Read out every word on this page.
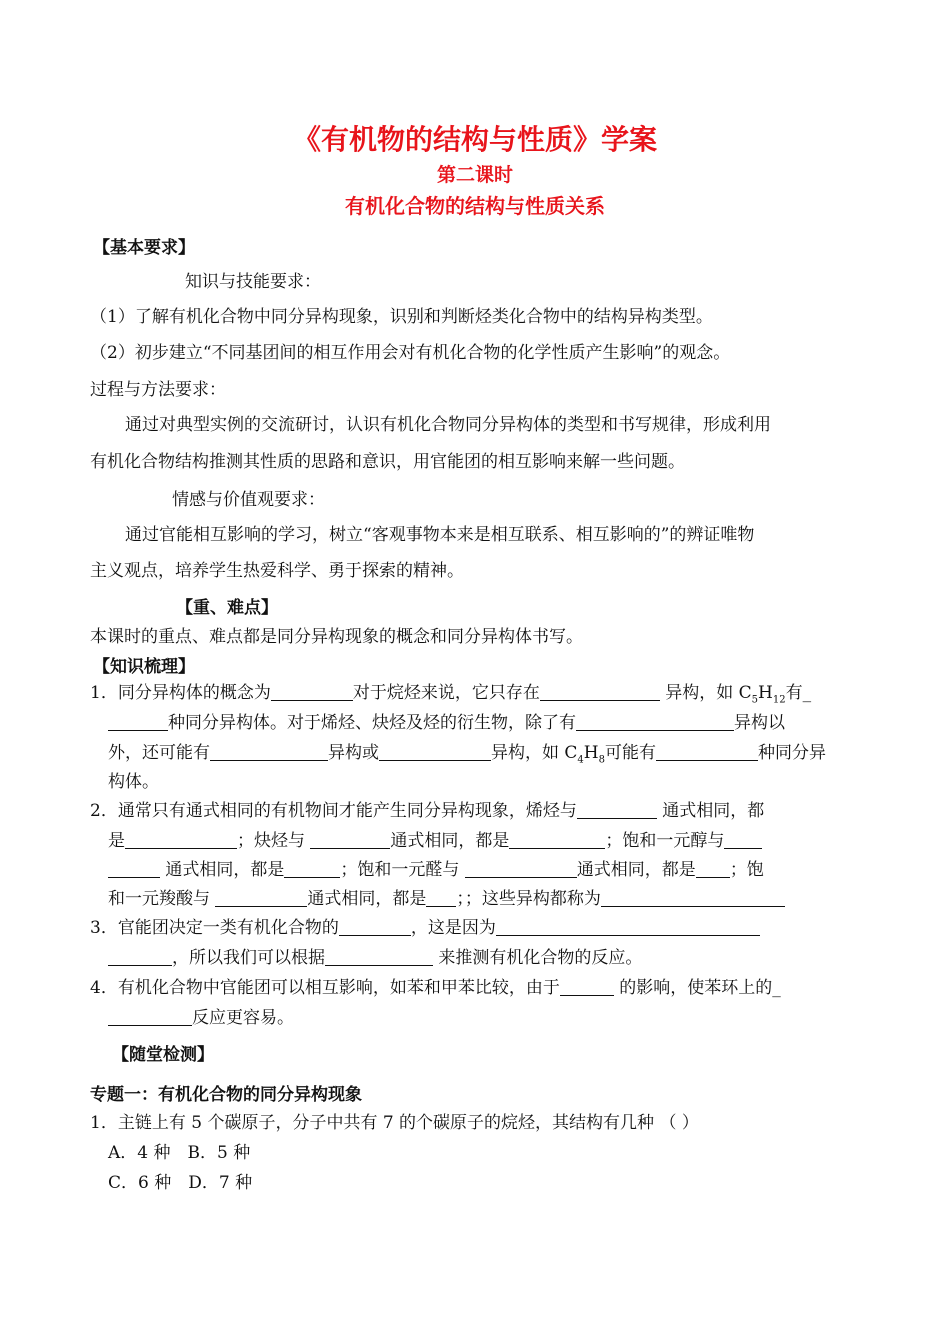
《有机物的结构与性质》学案
第二课时
有机化合物的结构与性质关系
【基本要求】
知识与技能要求：
（1）了解有机化合物中同分异构现象，识别和判断烃类化合物中的结构异构类型。
（2）初步建立“不同基团间的相互作用会对有机化合物的化学性质产生影响”的观念。
过程与方法要求：
通过对典型实例的交流研讨，认识有机化合物同分异构体的类型和书写规律，形成利用
有机化合物结构推测其性质的思路和意识，用官能团的相互影响来解一些问题。
情感与价值观要求：
通过官能相互影响的学习，树立“客观事物本来是相互联系、相互影响的”的辨证唯物
主义观点，培养学生热爱科学、勇于探索的精神。
【重、难点】
本课时的重点、难点都是同分异构现象的概念和同分异构体书写。
【知识梳理】
1．同分异构体的概念为	对于烷烃来说，它只存在	异构，如 $C_5H_{12}$有_
种同分异构体。对于烯烃、炔烃及烃的衍生物，除了有	异构以
外，还可能有	异构或	异构，如 $C_4H_8$可能有	种同分异
构体。
2．通常只有通式相同的有机物间才能产生同分异构现象，烯烃与	通式相同，都
是	；炔烃与	通式相同，都是	；饱和一元醇与
通式相同，都是	；饱和一元醛与	通式相同，都是 ；饱
和一元羧酸与	通式相同，都是 ；；这些异构都称为
3．官能团决定一类有机化合物的	，这是因为
，所以我们可以根据	来推测有机化合物的反应。
4．有机化合物中官能团可以相互影响，如苯和甲苯比较，由于	的影响，使苯环上的_
反应更容易。
【随堂检测】
专题一：有机化合物的同分异构现象
1．主链上有 5 个碳原子，分子中共有 7 的个碳原子的烷烃，其结构有几种 （ ）
A．4 种　B．5 种
C．6 种　D．7 种
